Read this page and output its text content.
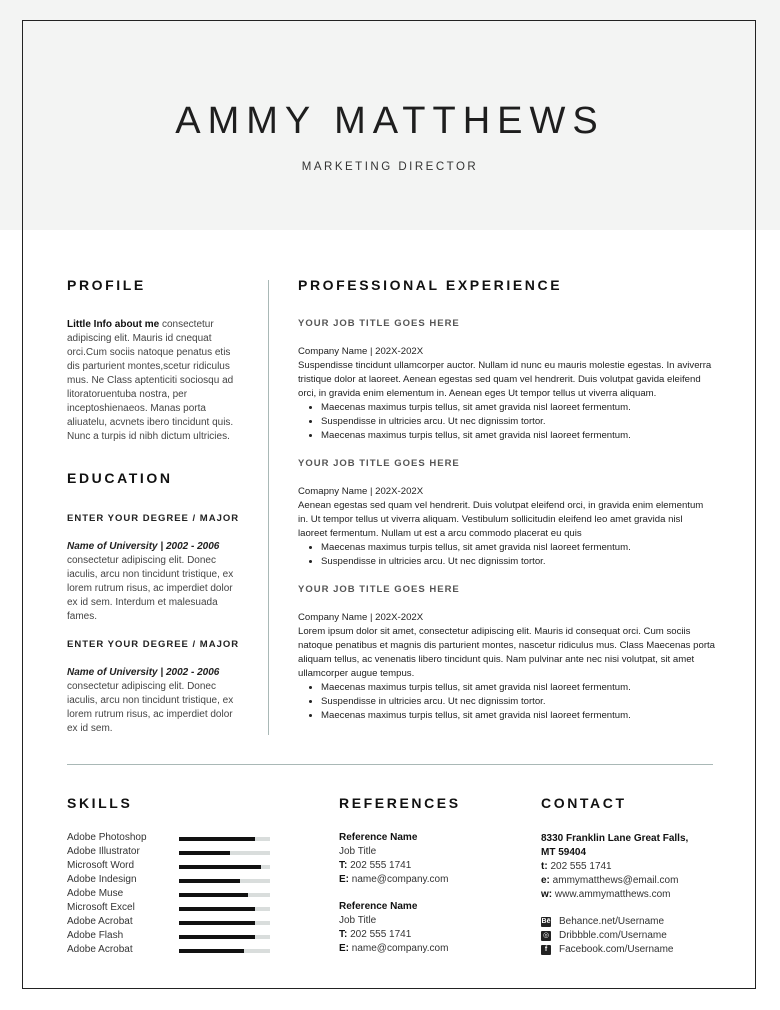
AMMY MATTHEWS
MARKETING DIRECTOR
PROFILE
Little Info about me consectetur
adipiscing elit. Mauris id cnequat
orci.Cum sociis natoque penatus etis
dis parturient montes,scetur ridiculus
mus. Ne Class aptenticiti sociosqu ad
litoratoruentuba nostra, per
inceptoshienaeos. Manas porta
aliuatelu, acvnets ibero tincidunt quis.
Nunc a turpis id nibh dictum ultricies.
EDUCATION
ENTER YOUR DEGREE / MAJOR
Name of University | 2002 - 2006
consectetur adipiscing elit. Donec
iaculis, arcu non tincidunt tristique, ex
lorem rutrum risus, ac imperdiet dolor
ex id sem. Interdum et malesuada
fames.
ENTER YOUR DEGREE / MAJOR
Name of University | 2002 - 2006
consectetur adipiscing elit. Donec
iaculis, arcu non tincidunt tristique, ex
lorem rutrum risus, ac imperdiet dolor
ex id sem.
PROFESSIONAL EXPERIENCE
YOUR JOB TITLE GOES HERE
Company Name | 202X-202X
Suspendisse tincidunt ullamcorper auctor. Nullam id nunc eu mauris molestie egestas. In aviverra
tristique dolor at laoreet. Aenean egestas sed quam vel hendrerit. Duis volutpat gavida eleifend
orci, in gravida enim elementum in. Aenean eges Ut tempor tellus ut viverra aliquam.
• Maecenas maximus turpis tellus, sit amet gravida nisl laoreet fermentum.
• Suspendisse in ultricies arcu. Ut nec dignissim tortor.
• Maecenas maximus turpis tellus, sit amet gravida nisl laoreet fermentum.
YOUR JOB TITLE GOES HERE
Comapny Name | 202X-202X
Aenean egestas sed quam vel hendrerit. Duis volutpat eleifend orci, in gravida enim elementum
in. Ut tempor tellus ut viverra aliquam. Vestibulum sollicitudin eleifend leo amet gravida nisl
laoreet fermentum. Nullam ut est a arcu commodo placerat eu quis
• Maecenas maximus turpis tellus, sit amet gravida nisl laoreet fermentum.
• Suspendisse in ultricies arcu. Ut nec dignissim tortor.
YOUR JOB TITLE GOES HERE
Company Name | 202X-202X
Lorem ipsum dolor sit amet, consectetur adipiscing elit. Mauris id consequat orci. Cum sociis
natoque penatibus et magnis dis parturient montes, nascetur ridiculus mus. Class Maecenas porta
aliquam tellus, ac venenatis libero tincidunt quis. Nam pulvinar ante nec nisi volutpat, sit amet
ullamcorper augue tempus.
• Maecenas maximus turpis tellus, sit amet gravida nisl laoreet fermentum.
• Suspendisse in ultricies arcu. Ut nec dignissim tortor.
• Maecenas maximus turpis tellus, sit amet gravida nisl laoreet fermentum.
SKILLS
Adobe Photoshop
Adobe Illustrator
Microsoft Word
Adobe Indesign
Adobe Muse
Microsoft Excel
Adobe Acrobat
Adobe Flash
Adobe Acrobat
REFERENCES
Reference Name
Job Title
T: 202 555 1741
E: name@company.com
Reference Name
Job Title
T: 202 555 1741
E: name@company.com
CONTACT
8330 Franklin Lane Great Falls,
MT 59404
t: 202 555 1741
e: ammymatthews@email.com
w: www.ammymatthews.com
Bē Behance.net/Username
◎ Dribbble.com/Username
f	Facebook.com/Username
